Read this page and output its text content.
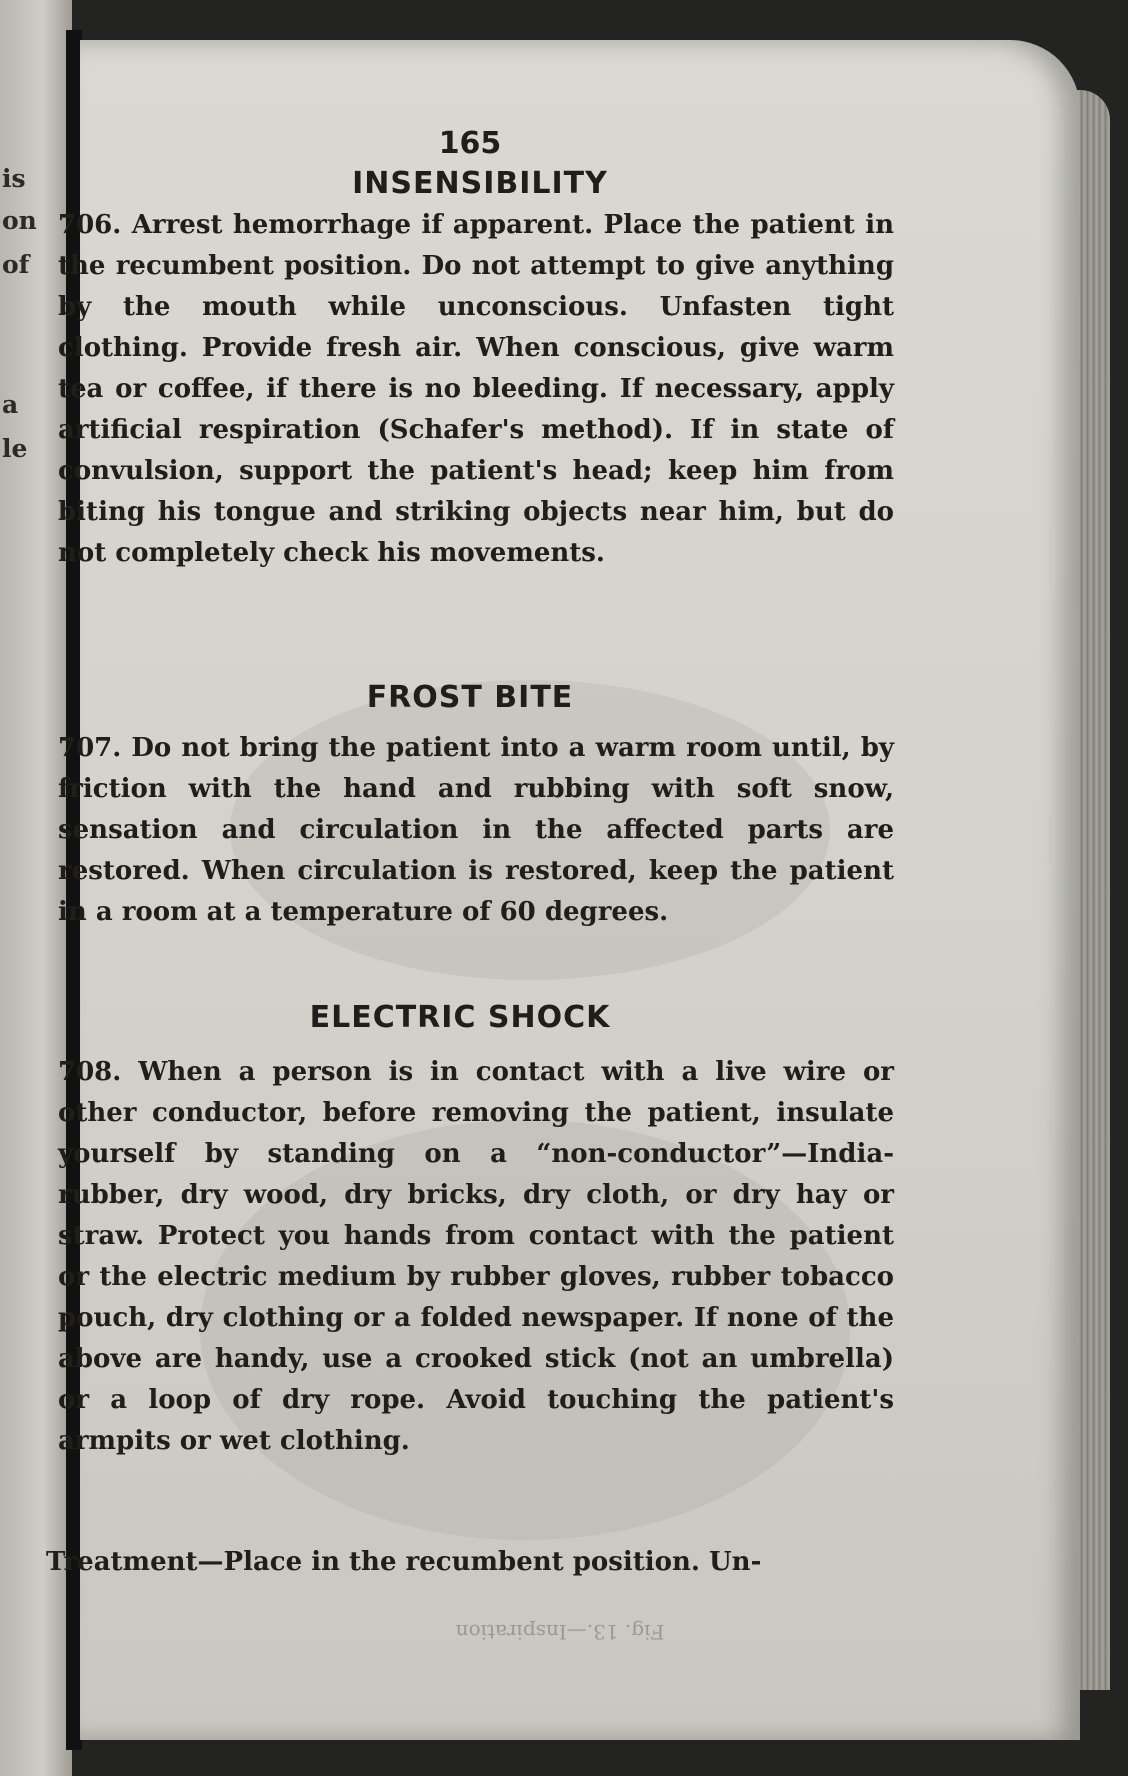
is
on
of
a
le

165

INSENSIBILITY

706. Arrest hemorrhage if apparent. Place the patient in the recumbent position. Do not attempt to give anything by the mouth while unconscious. Unfasten tight clothing. Provide fresh air. When conscious, give warm tea or coffee, if there is no bleeding. If necessary, apply artificial respiration (Schafer's method). If in state of convulsion, support the patient's head; keep him from biting his tongue and striking objects near him, but do not completely check his movements.

FROST BITE

707. Do not bring the patient into a warm room until, by friction with the hand and rubbing with soft snow, sensation and circulation in the affected parts are restored. When circulation is restored, keep the patient in a room at a temperature of 60 degrees.

ELECTRIC SHOCK

708. When a person is in contact with a live wire or other conductor, before removing the patient, insulate yourself by standing on a “non-conductor”—India-rubber, dry wood, dry bricks, dry cloth, or dry hay or straw. Protect you hands from contact with the patient or the electric medium by rubber gloves, rubber tobacco pouch, dry clothing or a folded newspaper. If none of the above are handy, use a crooked stick (not an umbrella) or a loop of dry rope. Avoid touching the patient's armpits or wet clothing.

Treatment—Place in the recumbent position. Un-

Fig. 13.—Inspiration
